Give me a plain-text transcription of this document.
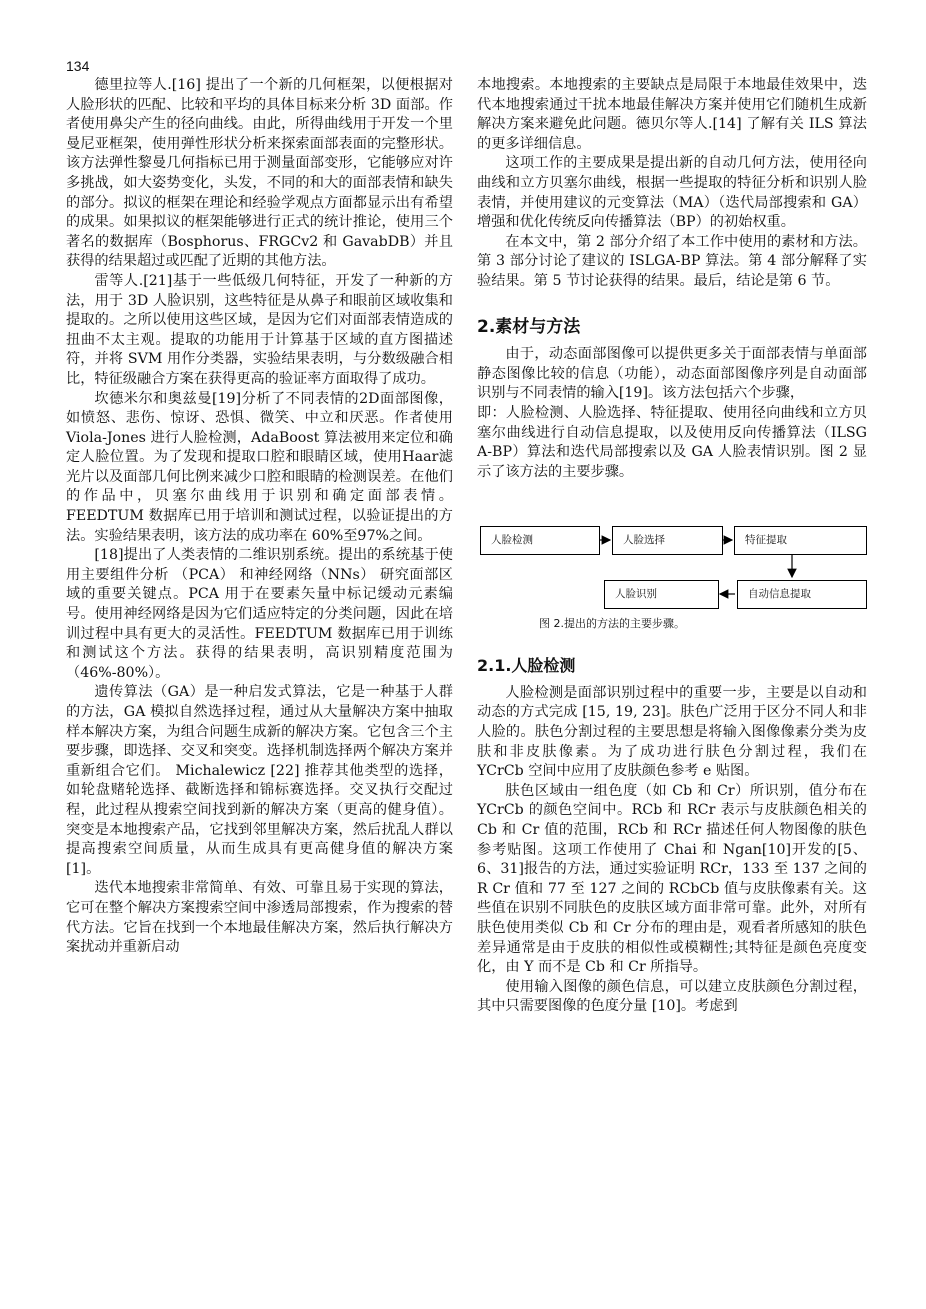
134

德里拉等人.[16] 提出了一个新的几何框架，以便根据对人脸形状的匹配、比较和平均的具体目标来分析 3D 面部。作者使用鼻尖产生的径向曲线。由此，所得曲线用于开发一个里曼尼亚框架，使用弹性形状分析来探索面部表面的完整形状。该方法弹性黎曼几何指标已用于测量面部变形，它能够应对许多挑战，如大姿势变化，头发，不同的和大的面部表情和缺失的部分。拟议的框架在理论和经验学观点方面都显示出有希望的成果。如果拟议的框架能够进行正式的统计推论，使用三个著名的数据库（Bosphorus、FRGCv2 和 GavabDB）并且获得的结果超过或匹配了近期的其他方法。

雷等人.[21]基于一些低级几何特征，开发了一种新的方法，用于 3D 人脸识别，这些特征是从鼻子和眼前区域收集和提取的。之所以使用这些区域，是因为它们对面部表情造成的扭曲不太主观。提取的功能用于计算基于区域的直方图描述符，并将 SVM 用作分类器，实验结果表明，与分数级融合相比，特征级融合方案在获得更高的验证率方面取得了成功。

坎德米尔和奥兹曼[19]分析了不同表情的2D面部图像，如愤怒、悲伤、惊讶、恐惧、微笑、中立和厌恶。作者使用 Viola-Jones 进行人脸检测，AdaBoost 算法被用来定位和确定人脸位置。为了发现和提取口腔和眼睛区域，使用Haar滤光片以及面部几何比例来减少口腔和眼睛的检测误差。在他们的作品中，贝塞尔曲线用于识别和确定面部表情。FEEDTUM 数据库已用于培训和测试过程，以验证提出的方法。实验结果表明，该方法的成功率在 60%至97%之间。

[18]提出了人类表情的二维识别系统。提出的系统基于使用主要组件分析 （PCA） 和神经网络（NNs） 研究面部区域的重要关键点。PCA 用于在要素矢量中标记缓动元素编号。使用神经网络是因为它们适应特定的分类问题，因此在培训过程中具有更大的灵活性。FEEDTUM 数据库已用于训练和测试这个方法。获得的结果表明，高识别精度范围为（46%-80%）。

遗传算法（GA）是一种启发式算法，它是一种基于人群的方法，GA 模拟自然选择过程，通过从大量解决方案中抽取样本解决方案，为组合问题生成新的解决方案。它包含三个主要步骤，即选择、交叉和突变。选择机制选择两个解决方案并重新组合它们。 Michalewicz [22] 推荐其他类型的选择，如轮盘赌轮选择、截断选择和锦标赛选择。交叉执行交配过程，此过程从搜索空间找到新的解决方案（更高的健身值）。突变是本地搜索产品，它找到邻里解决方案，然后扰乱人群以提高搜索空间质量，从而生成具有更高健身值的解决方案 [1]。

迭代本地搜索非常简单、有效、可靠且易于实现的算法，它可在整个解决方案搜索空间中渗透局部搜索，作为搜索的替代方法。它旨在找到一个本地最佳解决方案，然后执行解决方案扰动并重新启动

本地搜索。本地搜索的主要缺点是局限于本地最佳效果中，迭代本地搜索通过干扰本地最佳解决方案并使用它们随机生成新解决方案来避免此问题。德贝尔等人.[14] 了解有关 ILS 算法的更多详细信息。

这项工作的主要成果是提出新的自动几何方法，使用径向曲线和立方贝塞尔曲线，根据一些提取的特征分析和识别人脸表情，并使用建议的元变算法（MA）（迭代局部搜索和 GA）增强和优化传统反向传播算法（BP）的初始权重。

在本文中，第 2 部分介绍了本工作中使用的素材和方法。第 3 部分讨论了建议的 ISLGA-BP 算法。第 4 部分解释了实验结果。第 5 节讨论获得的结果。最后，结论是第 6 节。

2.素材与方法

由于，动态面部图像可以提供更多关于面部表情与单面部静态图像比较的信息（功能），动态面部图像序列是自动面部识别与不同表情的输入[19]。该方法包括六个步骤，

即：人脸检测、人脸选择、特征提取、使用径向曲线和立方贝塞尔曲线进行自动信息提取，以及使用反向传播算法（ILSG A-BP）算法和迭代局部搜索以及 GA 人脸表情识别。图 2 显示了该方法的主要步骤。

人脸检测	人脸选择	特征提取
人脸识别	自动信息提取
图 2.提出的方法的主要步骤。
2.1.人脸检测

人脸检测是面部识别过程中的重要一步，主要是以自动和动态的方式完成 [15, 19, 23]。肤色广泛用于区分不同人和非人脸的。肤色分割过程的主要思想是将输入图像像素分类为皮肤和非皮肤像素。为了成功进行肤色分割过程，我们在 YCrCb 空间中应用了皮肤颜色参考 e 贴图。

肤色区域由一组色度（如 Cb 和 Cr）所识别，值分布在 YCrCb 的颜色空间中。RCb 和 RCr 表示与皮肤颜色相关的 Cb 和 Cr 值的范围，RCb 和 RCr 描述任何人物图像的肤色参考贴图。这项工作使用了 Chai 和 Ngan[10]开发的[5、6、31]报告的方法，通过实验证明 RCr，133 至 137 之间的 R Cr 值和 77 至 127 之间的 RCbCb 值与皮肤像素有关。这些值在识别不同肤色的皮肤区域方面非常可靠。此外，对所有肤色使用类似 Cb 和 Cr 分布的理由是，观看者所感知的肤色差异通常是由于皮肤的相似性或模糊性;其特征是颜色亮度变化，由 Y 而不是 Cb 和 Cr 所指导。

使用输入图像的颜色信息，可以建立皮肤颜色分割过程，其中只需要图像的色度分量 [10]。考虑到
